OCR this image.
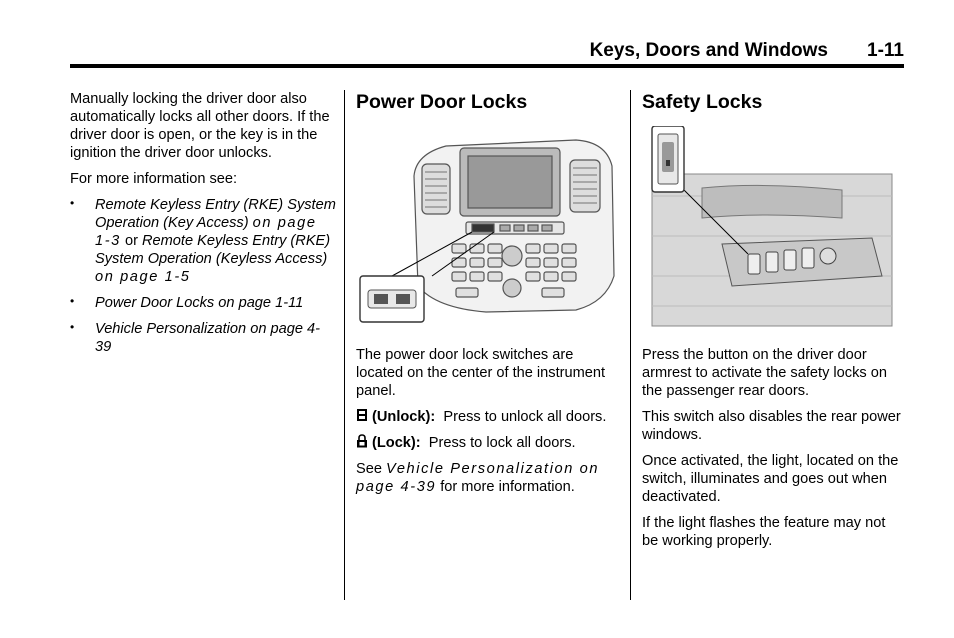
Keys, Doors and Windows 1-11

Manually locking the driver door also automatically locks all other doors. If the driver door is open, or the key is in the ignition the driver door unlocks.

For more information see:

• Remote Keyless Entry (RKE) System Operation (Key Access) on page 1-3 or Remote Keyless Entry (RKE) System Operation (Keyless Access) on page 1-5
• Power Door Locks on page 1-11
• Vehicle Personalization on page 4-39
Power Door Locks

The power door lock switches are located on the center of the instrument panel.

(Unlock): Press to unlock all doors.

(Lock): Press to lock all doors.

See Vehicle Personalization on page 4-39 for more information.

Safety Locks

Press the button on the driver door armrest to activate the safety locks on the passenger rear doors.

This switch also disables the rear power windows.

Once activated, the light, located on the switch, illuminates and goes out when deactivated.

If the light flashes the feature may not be working properly.
